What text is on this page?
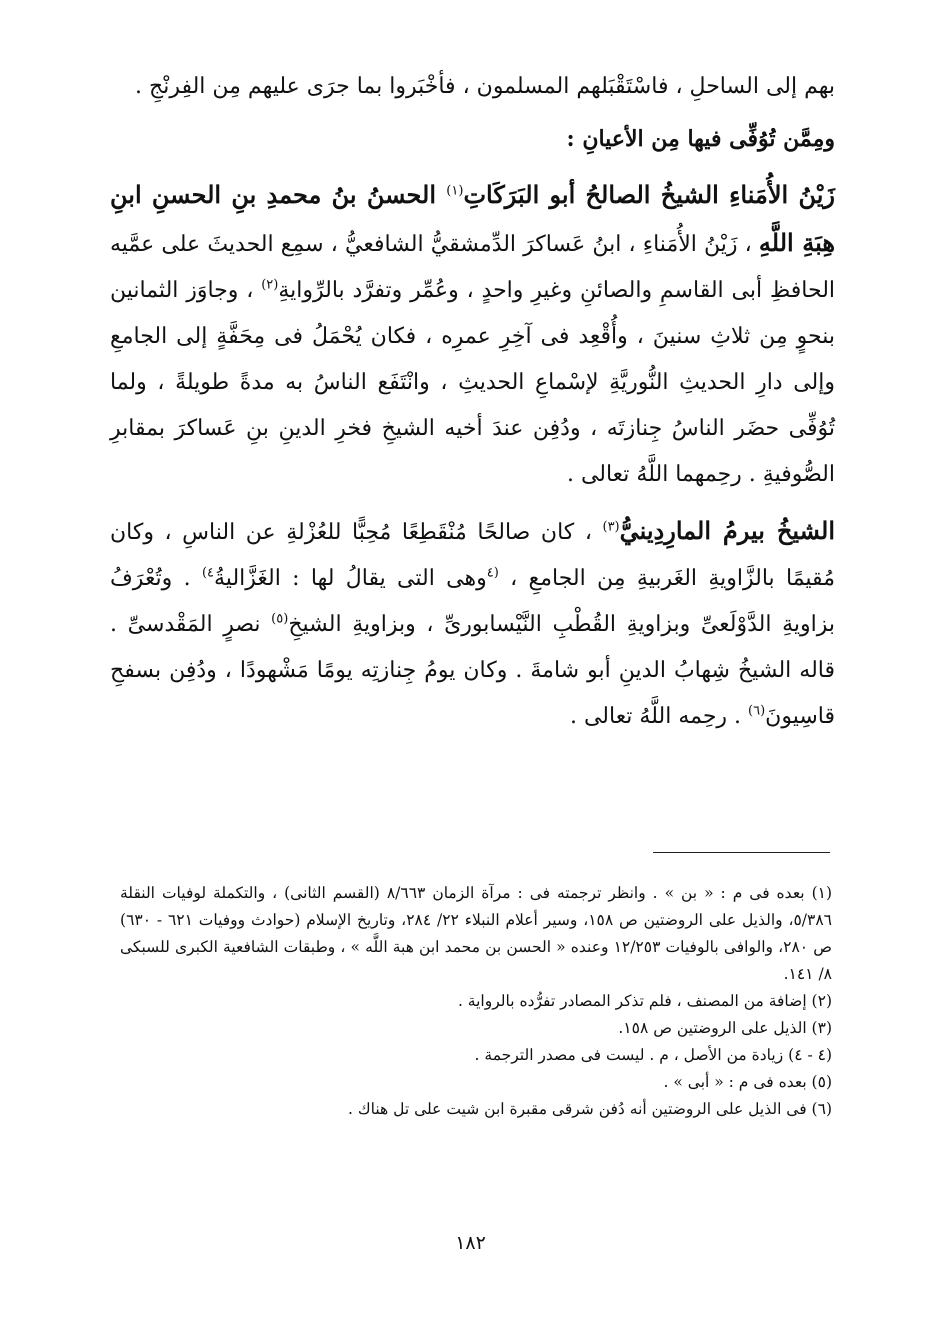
بهم إلى الساحلِ ، فاسْتَقْبَلهم المسلمون ، فأخْبَروا بما جرَى عليهم مِن الفِرنْجِ .

ومِمَّن تُوُفِّى فيها مِن الأعيانِ :

زَيْنُ الأُمَناءِ الشيخُ الصالحُ أبو البَرَكَاتِ$^{(١)}$ الحسنُ بنُ محمدِ بنِ الحسنِ ابنِ هِبَةِ اللَّهِ ، زَيْنُ الأُمَناءِ ، ابنُ عَساكرَ الدِّمشقيُّ الشافعيُّ ، سمِع الحديثَ على عمَّيه الحافظِ أبى القاسمِ والصائنِ وغيرِ واحدٍ ، وعُمِّر وتفرَّد بالرِّوايةِ$^{(٢)}$ ، وجاوَز الثمانين بنحوٍ مِن ثلاثِ سنينَ ، وأُقْعِد فى آخِرِ عمرِه ، فكان يُحْمَلُ فى مِحَفَّةٍ إلى الجامعِ وإلى دارِ الحديثِ النُّوريَّةِ لإسْماعِ الحديثِ ، وانْتَفَع الناسُ به مدةً طويلةً ، ولما تُوُفِّى حضَر الناسُ جِنازتَه ، ودُفِن عندَ أخيه الشيخِ فخرِ الدينِ بنِ عَساكرَ بمقابرِ الصُّوفيةِ . رحِمهما اللَّهُ تعالى .

الشيخُ بيرمُ المارِدِينيُّ$^{(٣)}$ ، كان صالحًا مُنْقَطِعًا مُحِبًّا للعُزْلةِ عن الناسِ ، وكان مُقيمًا بالزَّاويةِ الغَربيةِ مِن الجامعِ ، $^{(٤}$وهى التى يقالُ لها : الغَزَّاليةُ$^{٤)}$ . وتُعْرَفُ بزاويةِ الدَّوْلَعىِّ وبزاويةِ القُطْبِ النَّيْسابورىِّ ، وبزاويةِ الشيخِ$^{(٥)}$ نصرٍ المَقْدسىِّ . قاله الشيخُ شِهابُ الدينِ أبو شامةَ . وكان يومُ جِنازتِه يومًا مَشْهودًا ، ودُفِن بسفحِ قاسِيونَ$^{(٦)}$ . رحِمه اللَّهُ تعالى .

(١) بعده فى م : « بن » . وانظر ترجمته فى : مرآة الزمان ٨/٦٦٣ (القسم الثانى) ، والتكملة لوفيات النقلة ٥/٣٨٦، والذيل على الروضتين ص ١٥٨، وسير أعلام النبلاء ٢٢/ ٢٨٤، وتاريخ الإسلام (حوادث ووفيات ٦٢١ - ٦٣٠) ص ٢٨٠، والوافى بالوفيات ١٢/٢٥٣ وعنده « الحسن بن محمد ابن هبة اللَّه » ، وطبقات الشافعية الكبرى للسبكى ٨/ ١٤١.

(٢) إضافة من المصنف ، فلم تذكر المصادر تفرُّده بالرواية .

(٣) الذيل على الروضتين ص ١٥٨.

(٤ - ٤) زيادة من الأصل ، م . ليست فى مصدر الترجمة .

(٥) بعده فى م : « أبى » .

(٦) فى الذيل على الروضتين أنه دُفن شرقى مقبرة ابن شيت على تل هناك .

١٨٢
